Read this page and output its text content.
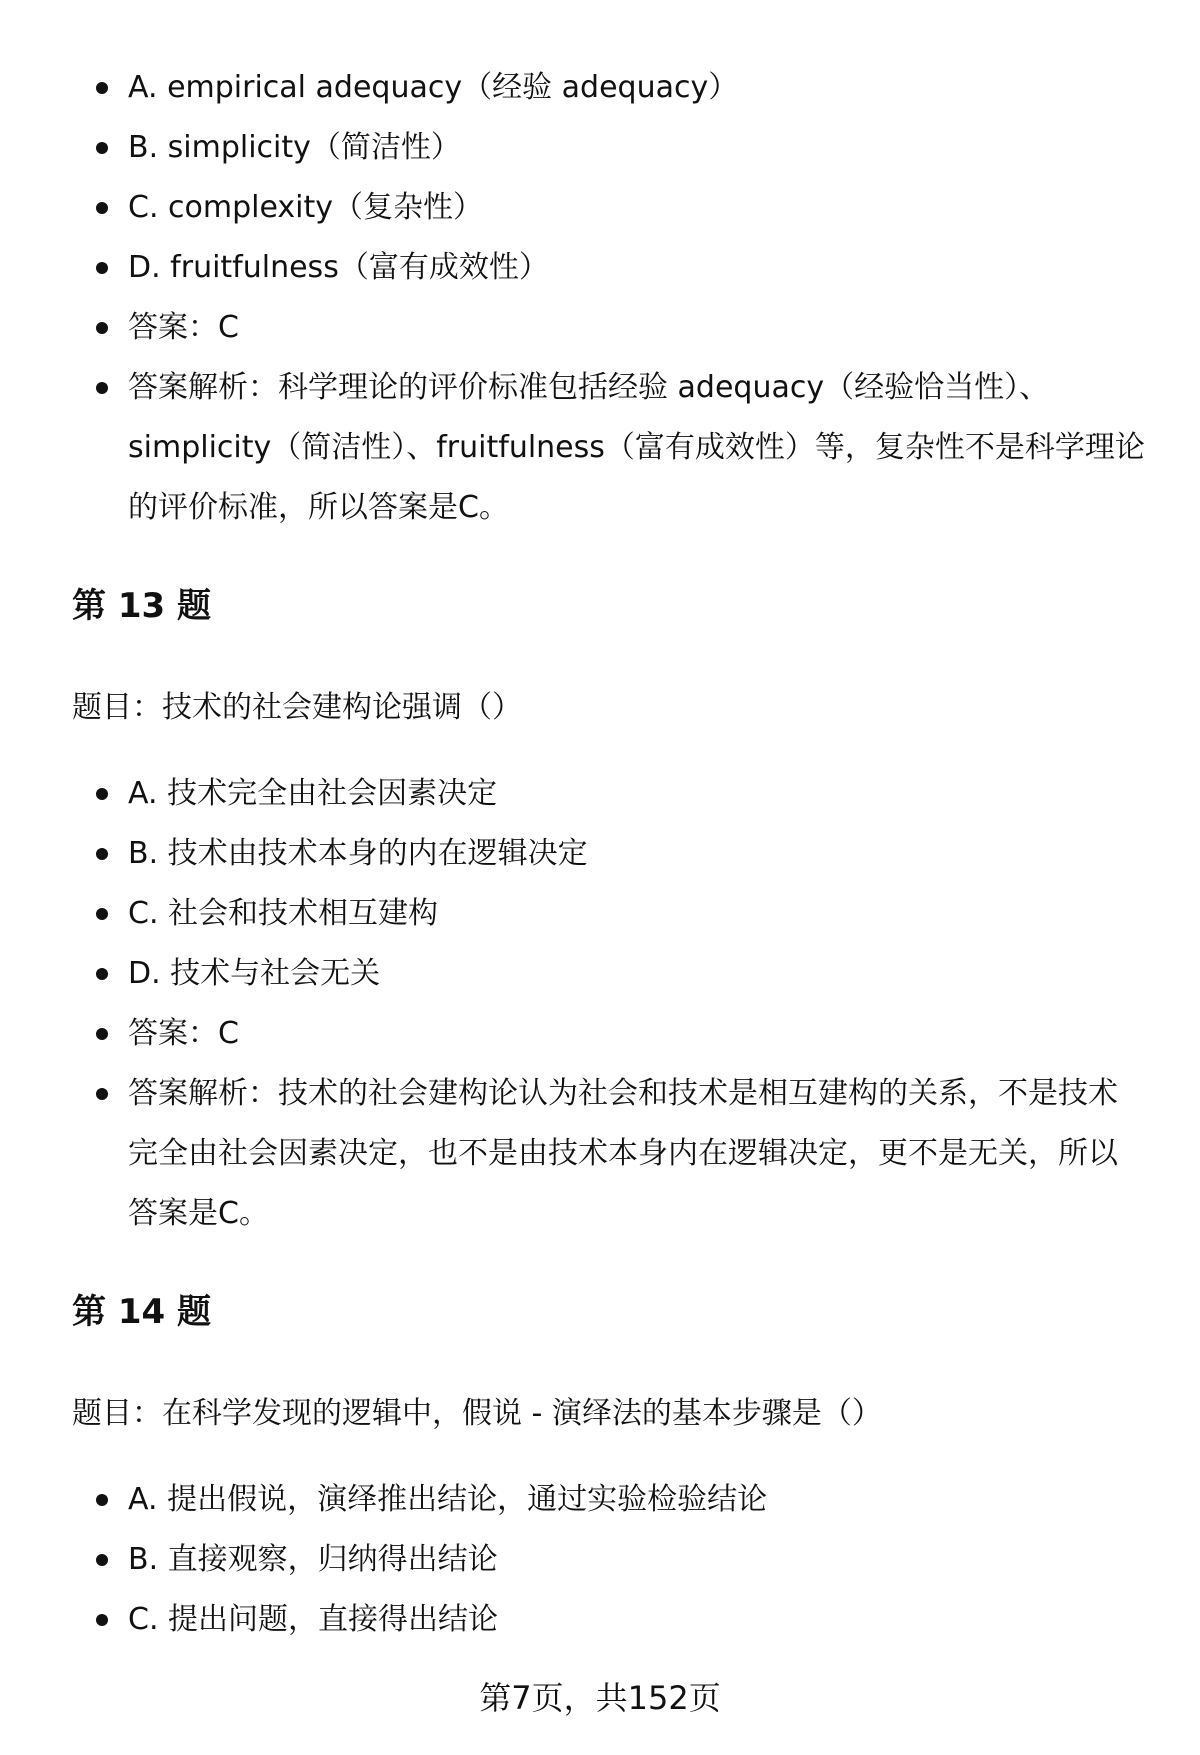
A. empirical adequacy（经验 adequacy）
B. simplicity（简洁性）
C. complexity（复杂性）
D. fruitfulness（富有成效性）
答案：C
答案解析：科学理论的评价标准包括经验 adequacy（经验恰当性）、simplicity（简洁性）、fruitfulness（富有成效性）等，复杂性不是科学理论的评价标准，所以答案是C。
第 13 题

题目：技术的社会建构论强调（）

A. 技术完全由社会因素决定
B. 技术由技术本身的内在逻辑决定
C. 社会和技术相互建构
D. 技术与社会无关
答案：C
答案解析：技术的社会建构论认为社会和技术是相互建构的关系，不是技术完全由社会因素决定，也不是由技术本身内在逻辑决定，更不是无关，所以答案是C。
第 14 题

题目：在科学发现的逻辑中，假说 - 演绎法的基本步骤是（）

A. 提出假说，演绎推出结论，通过实验检验结论
B. 直接观察，归纳得出结论
C. 提出问题，直接得出结论
第7页，共152页
